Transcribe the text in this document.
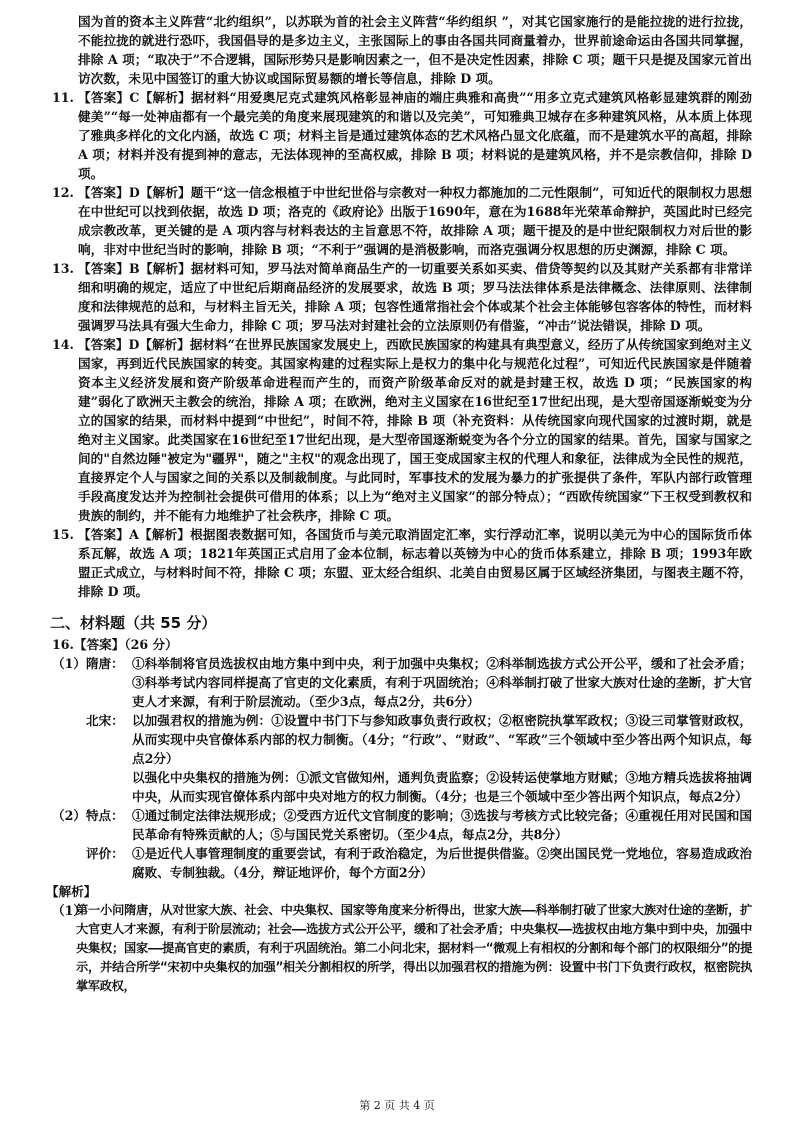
国为首的资本主义阵营“北约组织”，以苏联为首的社会主义阵营“华约组织 ”，对其它国家施行的是能拉拢的进行拉拢，不能拉拢的就进行恐吓，我国倡导的是多边主义，主张国际上的事由各国共同商量着办，世界前途命运由各国共同掌握，排除 A 项；“取决于”不合逻辑，国际形势只是影响因素之一，但不是决定性因素，排除 C 项；题干只是提及国家元首出访次数，未见中国签订的重大协议或国际贸易额的增长等信息，排除 D 项。

11. 【答案】C【解析】据材料“用爱奥尼克式建筑风格彰显神庙的端庄典雅和高贵”“用多立克式建筑风格彰显建筑群的刚劲健美”“每一处神庙都有一个最完美的角度来展现建筑的和谐以及完美”，可知雅典卫城存在多种建筑风格，从本质上体现了雅典多样化的文化内涵，故选 C 项；材料主旨是通过建筑体态的艺术风格凸显文化底蕴，而不是建筑水平的高超，排除 A 项；材料并没有提到神的意志，无法体现神的至高权威，排除 B 项；材料说的是建筑风格，并不是宗教信仰，排除 D 项。

12. 【答案】D【解析】题干“这一信念根植于中世纪世俗与宗教对一种权力都施加的二元性限制”，可知近代的限制权力思想在中世纪可以找到依据，故选 D 项；洛克的《政府论》出版于1690年，意在为1688年光荣革命辩护，英国此时已经完成宗教改革，更关键的是 A 项内容与材料表达的主旨意思不符，故排除 A 项；题干提及的是中世纪限制权力对后世的影响，非对中世纪当时的影响，排除 B 项；“不利于”强调的是消极影响，而洛克强调分权思想的历史渊源，排除 C 项。

13. 【答案】B【解析】据材料可知，罗马法对简单商品生产的一切重要关系如买卖、借贷等契约以及其财产关系都有非常详细和明确的规定，适应了中世纪后期商品经济的发展要求，故选 B 项；罗马法法律体系是法律概念、法律原则、法律制度和法律规范的总和，与材料主旨无关，排除 A 项；包容性通常指社会个体或某个社会主体能够包容客体的特性，而材料强调罗马法具有强大生命力，排除 C 项；罗马法对封建社会的立法原则仍有借鉴，“冲击”说法错误，排除 D 项。

14. 【答案】D【解析】据材料“在世界民族国家发展史上，西欧民族国家的构建具有典型意义，经历了从传统国家到绝对主义国家，再到近代民族国家的转变。其国家构建的过程实际上是权力的集中化与规范化过程”，可知近代民族国家是伴随着资本主义经济发展和资产阶级革命进程而产生的，而资产阶级革命反对的就是封建王权，故选 D 项；“民族国家的构建”弱化了欧洲天主教会的统治，排除 A 项；在欧洲，绝对主义国家在16世纪至17世纪出现，是大型帝国逐渐蜕变为分立的国家的结果，而材料中提到“中世纪”，时间不符，排除 B 项（补充资料：从传统国家向现代国家的过渡时期，就是绝对主义国家。此类国家在16世纪至17世纪出现，是大型帝国逐渐蜕变为各个分立的国家的结果。首先，国家与国家之间的"自然边陲"被定为"疆界"，随之"主权"的观念出现了，国王变成国家主权的代理人和象征，法律成为全民性的规范，直接界定个人与国家之间的关系以及制裁制度。与此同时，军事技术的发展为暴力的扩张提供了条件，军队内部行政管理手段高度发达并为控制社会提供可借用的体系；以上为“绝对主义国家”的部分特点）；“西欧传统国家”下王权受到教权和贵族的制约，并不能有力地维护了社会秩序，排除 C 项。

15. 【答案】A【解析】根据图表数据可知，各国货币与美元取消固定汇率，实行浮动汇率，说明以美元为中心的国际货币体系瓦解，故选 A 项；1821年英国正式启用了金本位制，标志着以英镑为中心的货币体系建立，排除 B 项；1993年欧盟正式成立，与材料时间不符，排除 C 项；东盟、亚太经合组织、北美自由贸易区属于区域经济集团，与图表主题不符，排除 D 项。

二、材料题（共 55 分）

16.【答案】（26 分）

（1）隋唐： ①科举制将官员选拔权由地方集中到中央，利于加强中央集权；②科举制选拔方式公开公平，缓和了社会矛盾；③科举考试内容同样提高了官吏的文化素质，有利于巩固统治；④科举制打破了世家大族对仕途的垄断，扩大官吏人才来源，有利于阶层流动。（至少3点，每点2分，共6分）

北宋： 以加强君权的措施为例：①设置中书门下与参知政事负责行政权；②枢密院执掌军政权；③设三司掌管财政权，从而实现中央官僚体系内部的权力制衡。（4分；“行政”、“财政”、“军政”三个领域中至少答出两个知识点，每点2分）

以强化中央集权的措施为例：①派文官做知州，通判负责监察；②设转运使掌地方财赋；③地方精兵选拔将抽调中央，从而实现官僚体系内部中央对地方的权力制衡。（4分；也是三个领域中至少答出两个知识点，每点2分）

（2）特点： ①通过制定法律法规形成；②受西方近代文官制度的影响；③选拔与考核方式比较完备；④重视任用对民国和国民革命有特殊贡献的人；⑤与国民党关系密切。（至少4点，每点2分，共8分）

评价： ①是近代人事管理制度的重要尝试，有利于政治稳定，为后世提供借鉴。②突出国民党一党地位，容易造成政治腐败、专制独裁。（4分，辩证地评价，每个方面2分）

【解析】

（1）

第一小问隋唐，从对世家大族、社会、中央集权、国家等角度来分析得出，世家大族——科举制打破了世家大族对仕途的垄断，扩大官吏人才来源，有利于阶层流动；社会——选拔方式公开公平，缓和了社会矛盾；中央集权——选拔权由地方集中到中央，加强中央集权；国家——提高官吏的素质，有利于巩固统治。第二小问北宋，据材料一“微观上有相权的分割和每个部门的权限细分”的提示，并结合所学“宋初中央集权的加强”相关分割相权的所学，得出以加强君权的措施为例：设置中书门下负责行政权，枢密院执掌军政权，

第 2 页 共 4 页
